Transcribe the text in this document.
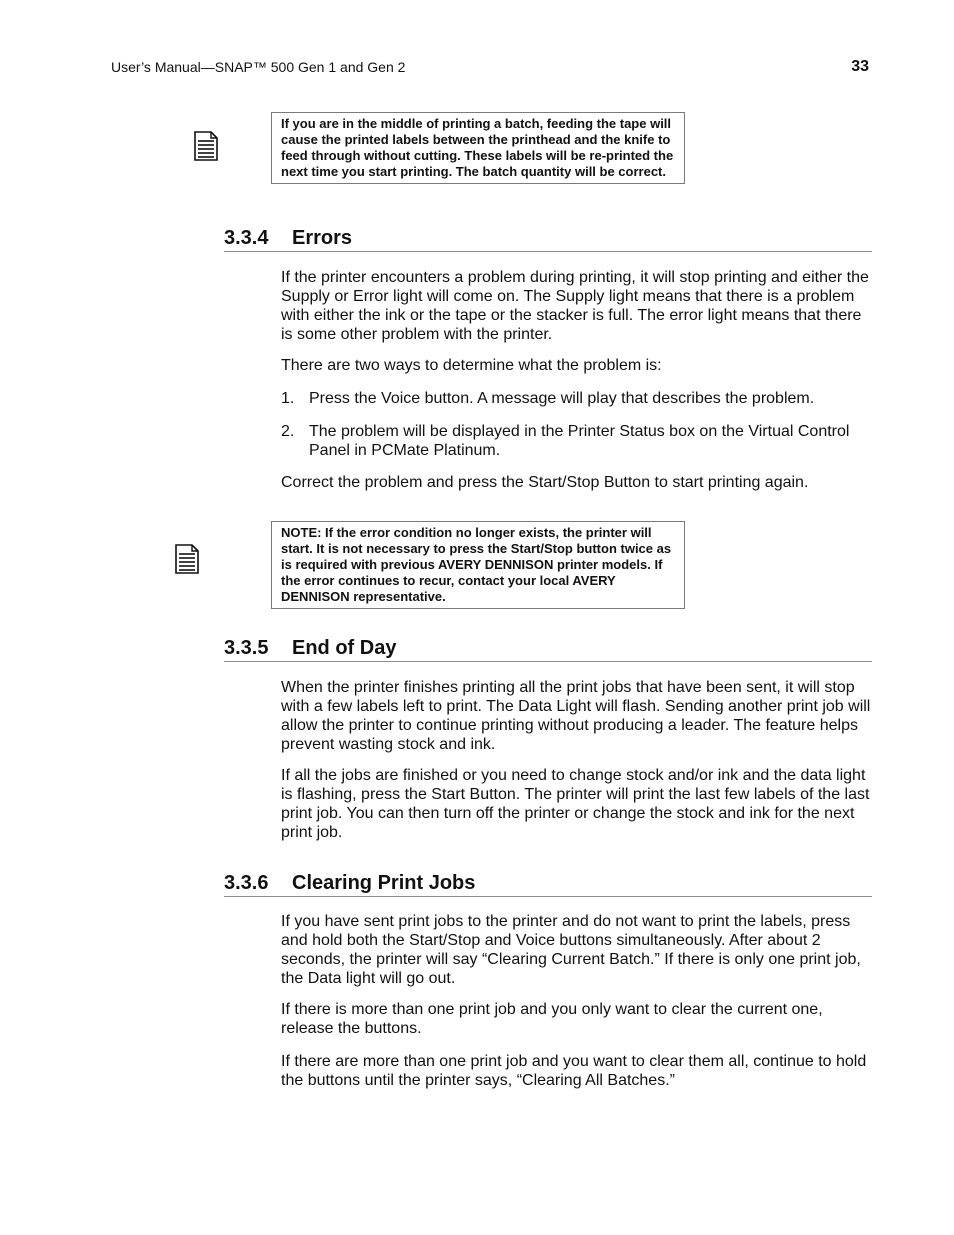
User’s Manual—SNAP™ 500 Gen 1 and Gen 2	33
If you are in the middle of printing a batch, feeding the tape will cause the printed labels between the printhead and the knife to feed through without cutting. These labels will be re-printed the next time you start printing. The batch quantity will be correct.
3.3.4 Errors

If the printer encounters a problem during printing, it will stop printing and either the Supply or Error light will come on. The Supply light means that there is a problem with either the ink or the tape or the stacker is full. The error light means that there is some other problem with the printer.

There are two ways to determine what the problem is:

1. Press the Voice button. A message will play that describes the problem.
2. The problem will be displayed in the Printer Status box on the Virtual Control Panel in PCMate Platinum.

Correct the problem and press the Start/Stop Button to start printing again.

NOTE: If the error condition no longer exists, the printer will start. It is not necessary to press the Start/Stop button twice as is required with previous AVERY DENNISON printer models. If the error continues to recur, contact your local AVERY DENNISON representative.
3.3.5 End of Day

When the printer finishes printing all the print jobs that have been sent, it will stop with a few labels left to print. The Data Light will flash. Sending another print job will allow the printer to continue printing without producing a leader. The feature helps prevent wasting stock and ink.

If all the jobs are finished or you need to change stock and/or ink and the data light is flashing, press the Start Button. The printer will print the last few labels of the last print job. You can then turn off the printer or change the stock and ink for the next print job.

3.3.6 Clearing Print Jobs

If you have sent print jobs to the printer and do not want to print the labels, press and hold both the Start/Stop and Voice buttons simultaneously. After about 2 seconds, the printer will say “Clearing Current Batch.” If there is only one print job, the Data light will go out.

If there is more than one print job and you only want to clear the current one, release the buttons.

If there are more than one print job and you want to clear them all, continue to hold the buttons until the printer says, “Clearing All Batches.”
